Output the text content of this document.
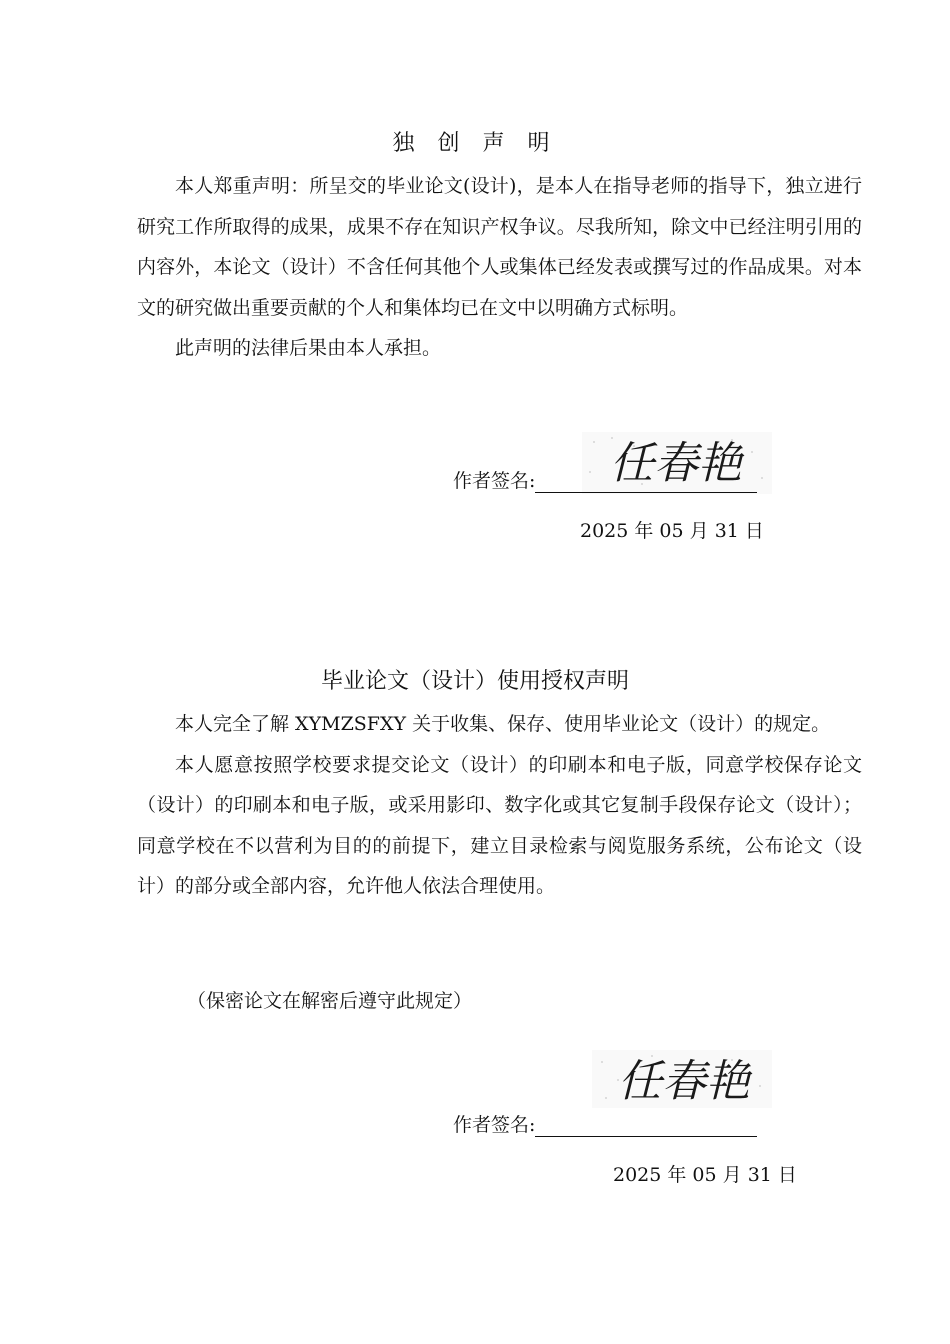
独 创 声 明

本人郑重声明：所呈交的毕业论文(设计)，是本人在指导老师的指导下，独立进行研究工作所取得的成果，成果不存在知识产权争议。尽我所知，除文中已经注明引用的内容外，本论文（设计）不含任何其他个人或集体已经发表或撰写过的作品成果。对本文的研究做出重要贡献的个人和集体均已在文中以明确方式标明。

此声明的法律后果由本人承担。

任春艳
作者签名:
2025 年 05 月 31 日
毕业论文（设计）使用授权声明

本人完全了解 XYMZSFXY 关于收集、保存、使用毕业论文（设计）的规定。

本人愿意按照学校要求提交论文（设计）的印刷本和电子版，同意学校保存论文（设计）的印刷本和电子版，或采用影印、数字化或其它复制手段保存论文（设计）；同意学校在不以营利为目的的前提下，建立目录检索与阅览服务系统，公布论文（设计）的部分或全部内容，允许他人依法合理使用。

（保密论文在解密后遵守此规定）
任春艳
作者签名:
2025 年 05 月 31 日
